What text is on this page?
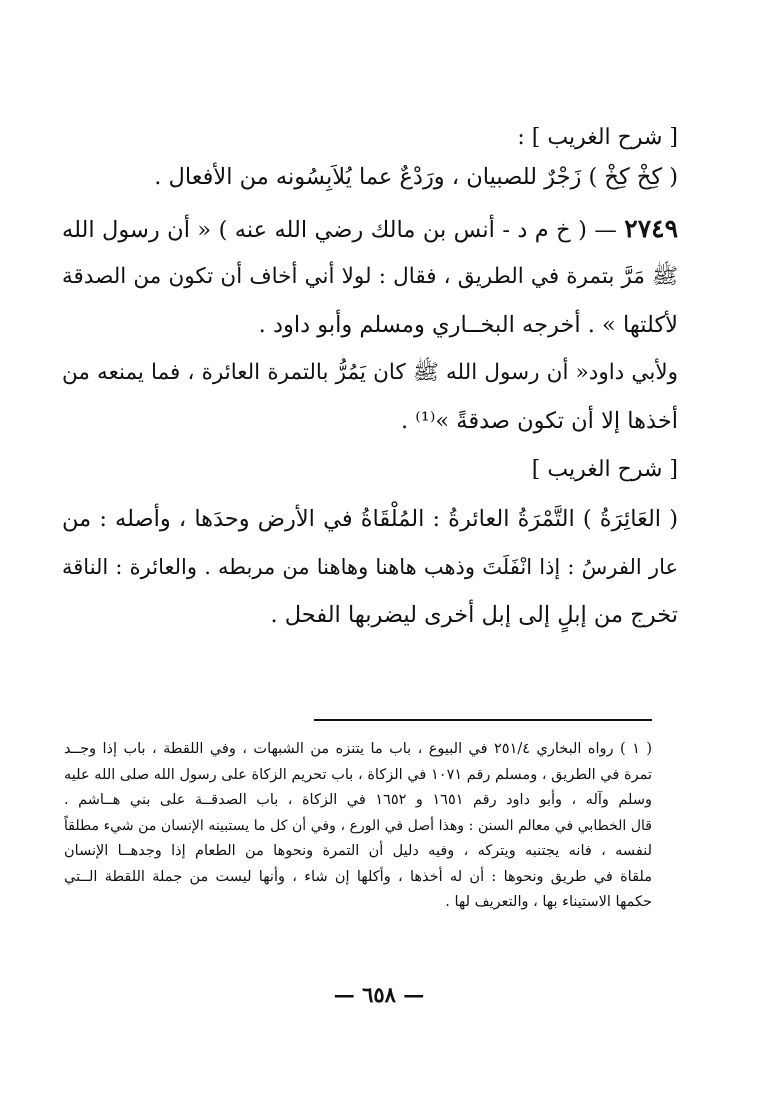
[ شرح الغريب ] :
( كِخْ كِخْ ) زَجْرٌ للصبيان ، ورَدْعٌ عما يُلاَبِسُونه من الأفعال .
٢٧٤٩ — ( خ م د - أنس بن مالك رضي الله عنه ) « أن رسول الله
ﷺ مَرَّ بتمرة في الطريق ، فقال : لولا أني أخاف أن تكون من الصدقة
لأكلتها » . أخرجه البخــاري ومسلم وأبو داود .
ولأبي داود« أن رسول الله ﷺ كان يَمُرُّ بالتمرة العائرة ، فما يمنعه من
أخذها إلا أن تكون صدقةً »⁽¹⁾ .
[ شرح الغريب ]
( العَائِرَةُ ) التَّمْرَةُ العائرةُ : المُلْقَاةُ في الأرض وحدَها ، وأصله : من
عار الفرسُ : إذا انْفَلَتَ وذهب هاهنا وهاهنا من مربطه . والعائرة : الناقة
تخرج من إبلٍ إلى إبل أخرى ليضربها الفحل .
( ١ ) رواه البخاري ٢٥١/٤ في البيوع ، باب ما يتنزه من الشبهات ، وفي اللقطة ، باب إذا وجــد
تمرة في الطريق ، ومسلم رقم ١٠٧١ في الزكاة ، باب تحريم الزكاة على رسول الله صلى الله عليه
وسلم وآله ، وأبو داود رقم ١٦٥١ و ١٦٥٢ في الزكاة ، باب الصدقــة على بني هــاشم .
قال الخطابي في معالم السنن : وهذا أصل في الورع ، وفي أن كل ما يستبينه الإنسان من شيء مطلقاً
لنفسه ، فانه يجتنبه ويتركه ، وفيه دليل أن التمرة ونحوها من الطعام إذا وجدهــا الإنسان
ملقاة في طريق ونحوها : أن له أخذها ، وأكلها إن شاء ، وأنها ليست من جملة اللقطة الــتي
حكمها الاستيناء بها ، والتعريف لها .
— ٦٥٨ —
